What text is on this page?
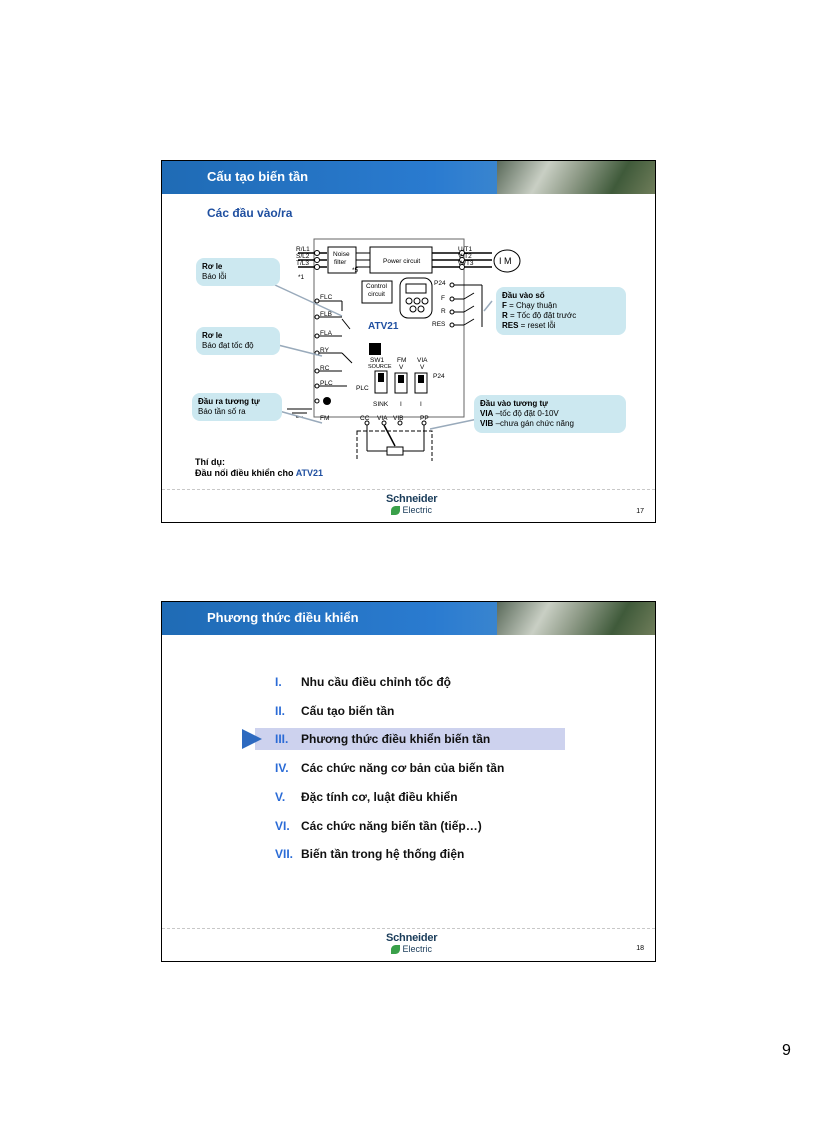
Cấu tạo biến tần
Các đầu vào/ra
R/L1
S/L2
T/L3
*1
Noise
filter
*5
Power circuit
U/T1
V/T2
W/T3	I M
Control
circuit
P24
F
R
RES
FLC
FLB
FLA
RY
RC
PLC
FM
ATV21
SW1
SOURCE
FM
V
VIA
V
PLC
SINK I	I
P24
CC VIA VIB	PP
Rơ le
Báo lỗi
Rơ le
Báo đạt tốc độ
Đầu ra tương tự
Báo tần số ra
Đầu vào số
F = Chạy thuận
R = Tốc độ đặt trước
RES = reset lỗi
Đầu vào tương tự
VIA –tốc độ đặt 0-10V
VIB –chưa gán chức năng
Thí dụ:
Đầu nối điều khiển cho ATV21
Schneider
Electric	17
Phương thức điều khiển
I. Nhu cầu điều chỉnh tốc độ
II. Cấu tạo biến tần
III. Phương thức điều khiển biến tần
IV. Các chức năng cơ bản của biến tần
V. Đặc tính cơ, luật điều khiển
VI. Các chức năng biến tần (tiếp…)
VII. Biến tần trong hệ thống điện
Schneider
Electric	18
9
